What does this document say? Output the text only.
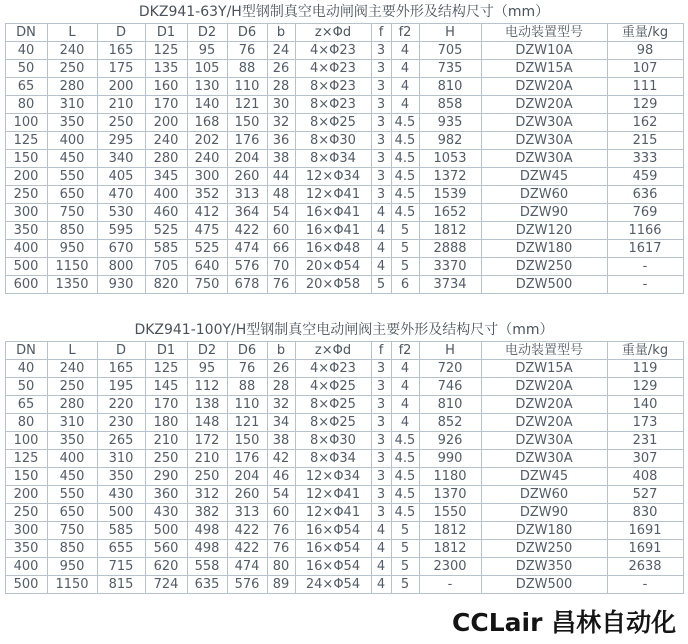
DKZ941-63Y/H型钢制真空电动闸阀主要外形及结构尺寸（mm）
DN	L	D	D1	D2	D6	b	z×Φd	f	f2	H	电动装置型号	重量/kg
40	240	165	125	95	76	24	4×Φ23	3	4	705	DZW10A	98
50	250	175	135	105	88	26	4×Φ23	3	4	735	DZW15A	107
65	280	200	160	130	110	28	8×Φ23	3	4	810	DZW20A	111
80	310	210	170	140	121	30	8×Φ23	3	4	858	DZW20A	129
100	350	250	200	168	150	32	8×Φ25	3	4.5	935	DZW30A	162
125	400	295	240	202	176	36	8×Φ30	3	4.5	982	DZW30A	215
150	450	340	280	240	204	38	8×Φ34	3	4.5	1053	DZW30A	333
200	550	405	345	300	260	44	12×Φ34	3	4.5	1372	DZW45	459
250	650	470	400	352	313	48	12×Φ41	3	4.5	1539	DZW60	636
300	750	530	460	412	364	54	16×Φ41	4	4.5	1652	DZW90	769
350	850	595	525	475	422	60	16×Φ41	4	5	1812	DZW120	1166
400	950	670	585	525	474	66	16×Φ48	4	5	2888	DZW180	1617
500	1150	800	705	640	576	70	20×Φ54	4	5	3370	DZW250	-
600	1350	930	820	750	678	76	20×Φ58	5	6	3734	DZW500	-
DKZ941-100Y/H型钢制真空电动闸阀主要外形及结构尺寸（mm）
DN	L	D	D1	D2	D6	b	z×Φd	f	f2	H	电动装置型号	重量/kg
40	240	165	125	95	76	26	4×Φ23	3	4	720	DZW15A	119
50	250	195	145	112	88	28	4×Φ25	3	4	746	DZW20A	129
65	280	220	170	138	110	32	8×Φ25	3	4	810	DZW20A	140
80	310	230	180	148	121	34	8×Φ25	3	4	852	DZW20A	173
100	350	265	210	172	150	38	8×Φ30	3	4.5	926	DZW30A	231
125	400	310	250	210	176	42	8×Φ34	3	4.5	990	DZW30A	307
150	450	350	290	250	204	46	12×Φ34	3	4.5	1180	DZW45	408
200	550	430	360	312	260	54	12×Φ41	3	4.5	1370	DZW60	527
250	650	500	430	382	313	60	12×Φ41	3	4.5	1550	DZW90	830
300	750	585	500	498	422	76	16×Φ54	4	5	1812	DZW180	1691
350	850	655	560	498	422	76	16×Φ54	4	5	1812	DZW250	1691
400	950	715	620	558	474	80	16×Φ54	4	5	2300	DZW350	2638
500	1150	815	724	635	576	89	24×Φ54	4	5	-	DZW500	-
CCLair 昌林自动化
